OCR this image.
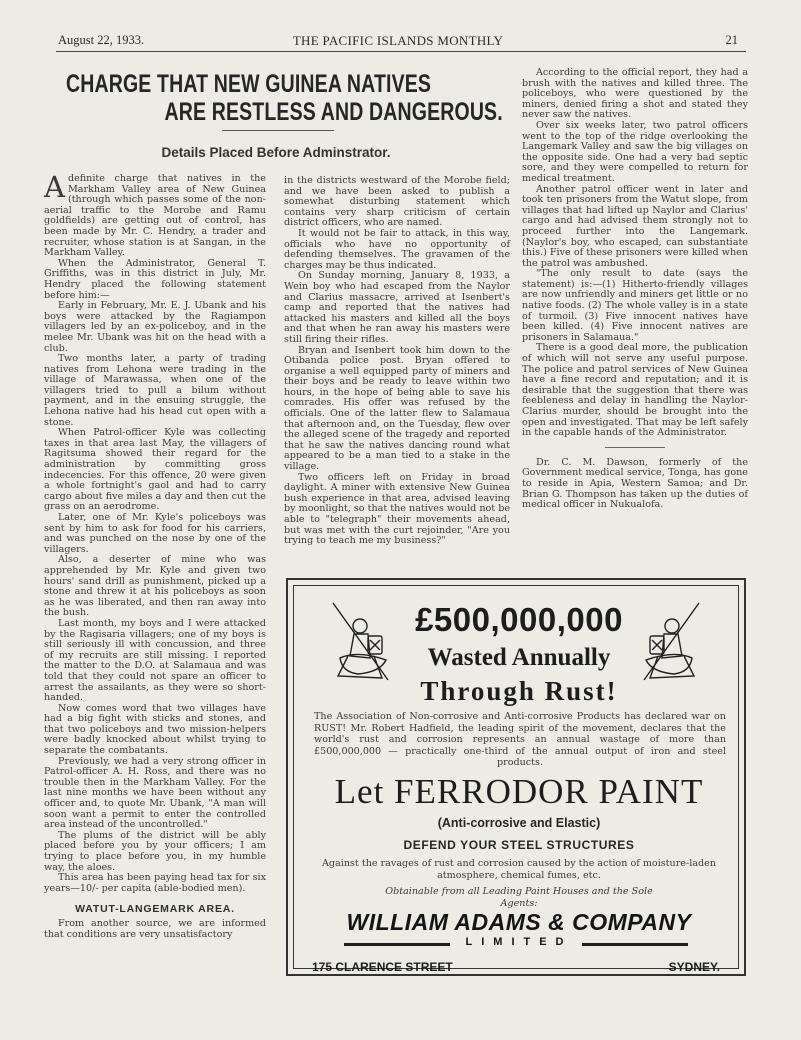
August 22, 1933.	THE PACIFIC ISLANDS MONTHLY	21
CHARGE THAT NEW GUINEA NATIVES
ARE RESTLESS AND DANGEROUS.
Details Placed Before Adminstrator.

Adefinite charge that natives in the Markham Valley area of New Guinea (through which passes some of the non-aerial traffic to the Morobe and Ramu goldfields) are getting out of control, has been made by Mr. C. Hendry, a trader and recruiter, whose station is at Sangan, in the Markham Valley.

When the Administrator, General T. Griffiths, was in this district in July, Mr. Hendry placed the following statement before him:—

Early in February, Mr. E. J. Ubank and his boys were attacked by the Ragiampon villagers led by an ex-policeboy, and in the melee Mr. Ubank was hit on the head with a club.

Two months later, a party of trading natives from Lehona were trading in the village of Marawassa, when one of the villagers tried to pull a bilum without payment, and in the ensuing struggle, the Lehona native had his head cut open with a stone.

When Patrol-officer Kyle was collecting taxes in that area last May, the villagers of Ragitsuma showed their regard for the administration by committing gross indecencies. For this offence, 20 were given a whole fortnight's gaol and had to carry cargo about five miles a day and then cut the grass on an aerodrome.

Later, one of Mr. Kyle's policeboys was sent by him to ask for food for his carriers, and was punched on the nose by one of the villagers.

Also, a deserter of mine who was apprehended by Mr. Kyle and given two hours' sand drill as punishment, picked up a stone and threw it at his policeboys as soon as he was liberated, and then ran away into the bush.

Last month, my boys and I were attacked by the Ragisaria villagers; one of my boys is still seriously ill with concussion, and three of my recruits are still missing. I reported the matter to the D.O. at Salamaua and was told that they could not spare an officer to arrest the assailants, as they were so short-handed.

Now comes word that two villages have had a big fight with sticks and stones, and that two policeboys and two mission-helpers were badly knocked about whilst trying to separate the combatants.

Previously, we had a very strong officer in Patrol-officer A. H. Ross, and there was no trouble then in the Markham Valley. For the last nine months we have been without any officer and, to quote Mr. Ubank, "A man will soon want a permit to enter the controlled area instead of the uncontrolled."

The plums of the district will be ably placed before you by your officers; I am trying to place before you, in my humble way, the aloes.

This area has been paying head tax for six years—10/- per capita (able-bodied men).

WATUT-LANGEMARK AREA.

From another source, we are informed that conditions are very unsatisfactory

in the districts westward of the Morobe field; and we have been asked to publish a somewhat disturbing statement which contains very sharp criticism of certain district officers, who are named.

It would not be fair to attack, in this way, officials who have no opportunity of defending themselves. The gravamen of the charges may be thus indicated.

On Sunday morning, January 8, 1933, a Wein boy who had escaped from the Naylor and Clarius massacre, arrived at Isenbert's camp and reported that the natives had attacked his masters and killed all the boys and that when he ran away his masters were still firing their rifles.

Bryan and Isenbert took him down to the Otibanda police post. Bryan offered to organise a well equipped party of miners and their boys and be ready to leave within two hours, in the hope of being able to save his comrades. His offer was refused by the officials. One of the latter flew to Salamaua that afternoon and, on the Tuesday, flew over the alleged scene of the tragedy and reported that he saw the natives dancing round what appeared to be a man tied to a stake in the village.

Two officers left on Friday in broad daylight. A miner with extensive New Guinea bush experience in that area, advised leaving by moonlight, so that the natives would not be able to "telegraph" their movements ahead, but was met with the curt rejoinder, "Are you trying to teach me my business?"

According to the official report, they had a brush with the natives and killed three. The policeboys, who were questioned by the miners, denied firing a shot and stated they never saw the natives.

Over six weeks later, two patrol officers went to the top of the ridge overlooking the Langemark Valley and saw the big villages on the opposite side. One had a very bad septic sore, and they were compelled to return for medical treatment.

Another patrol officer went in later and took ten prisoners from the Watut slope, from villages that had lifted up Naylor and Clarius' cargo and had advised them strongly not to proceed further into the Langemark. (Naylor's boy, who escaped, can substantiate this.) Five of these prisoners were killed when the patrol was ambushed.

"The only result to date (says the statement) is:—(1) Hitherto-friendly villages are now unfriendly and miners get little or no native foods. (2) The whole valley is in a state of turmoil. (3) Five innocent natives have been killed. (4) Five innocent natives are prisoners in Salamaua."

There is a good deal more, the publication of which will not serve any useful purpose. The police and patrol services of New Guinea have a fine record and reputation; and it is desirable that the suggestion that there was feebleness and delay in handling the Naylor-Clarius murder, should be brought into the open and investigated. That may be left safely in the capable hands of the Administrator.

Dr. C. M. Dawson, formerly of the Government medical service, Tonga, has gone to reside in Apia, Western Samoa; and Dr. Brian G. Thompson has taken up the duties of medical officer in Nukualofa.

£500,000,000
Wasted Annually
Through Rust!
The Association of Non-corrosive and Anti-corrosive Products has declared war on RUST! Mr. Robert Hadfield, the leading spirit of the movement, declares that the world's rust and corrosion represents an annual wastage of more than £500,000,000 — practically one-third of the annual output of iron and steel products.
Let FERRODOR PAINT
(Anti-corrosive and Elastic)
DEFEND YOUR STEEL STRUCTURES
Against the ravages of rust and corrosion caused by the action of moisture-laden atmosphere, chemical fumes, etc.
Obtainable from all Leading Paint Houses and the Sole Agents:
WILLIAM ADAMS & COMPANY
LIMITED
175 CLARENCE STREET	SYDNEY.
